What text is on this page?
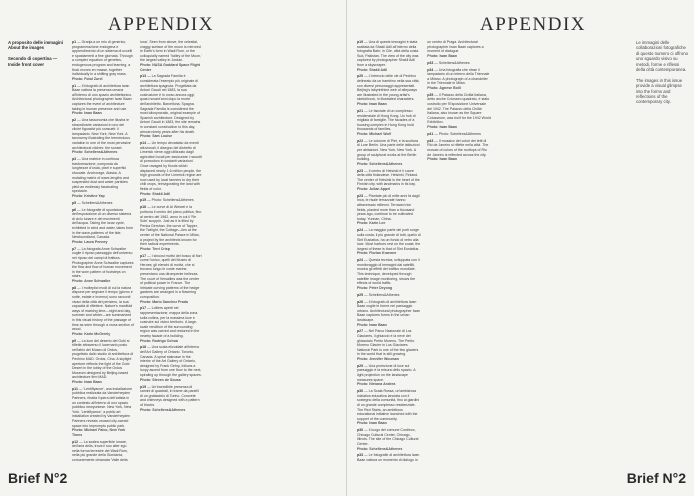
APPENDIX
A proposito delle immagini About the images

Secondo di copertina — Inside front cover

p1 — Granja a un mio di generico, programmazione endogena e apprendimento di un sistema di uccelli e spostamenti a fine giornata. Through a complex equation of genetics, endogenous program and learning, a flock moves en masse, together individually in a shifting gray mass.
Photo: Fotul Zurel

p1 — Il fotografo di architettura Iwan Baan cattura la presenza umana all'interno di uno spazio architettonico. Architectural photographer Iwan Baan captures the event of architecture taking in human presence and use.
Photo: Iwan Baan

p2 — Una tassonomia che illustra le straordinarie variazioni in uno dei cliché figurativi più consueti: il lampadario. New York, New York. A taxonomy illustrating the tremendous variation in one of the most pervasive architectural clichés: the sunset.
Photo: Schellens&Athenes

p3 — Una matrice in continua trasformazione, composta da lunghezze d'onda, pixel e superfici sfuocate. Anchorage, Alaska. A mutating matrix of wave-lengths and suspended dust and water particles yield an endlessly fascinating spectacle.
Photo: Kristine Yap

p5 — Schellens&Athenes

p6 — Le fotografie di spuntatura dell'esposizione di un diverso sistema di ciclo lunare e dei movimenti dell'acqua. Taking the lunar cycle, exhibited in wind and water, takes form in the wave-patterns of the tide. Newfoundland, Canada.
Photo: Laura Penney

p7 — La fotografa Anne Schwalbe coglie il riposo paesaggio dell'universo nel riposo dei campi di frattura. Photographer Anne Schwalbe captures the flow and flow of human movement in the worn pattern of footsteps on stairs.
Photo: Anne Schwalbe

p8 — I molteplici modi di cui la natura dispone per segnare il tempo (giorno e notte, estate e inverno) sono racconti vivaci della città del pensiero, la sua capacità di riflettere. Nature's manifold ways of marking time—night and day, summer and winter—are summarized in this visual history of the passage of time as seen through a cross section of wood.
Photo: Karin McGreely

p9 — La luce del deserto del Gobi si riflette attraverso il lucernario posto nell'atrio del Museo di Ordos, progettato dallo studio di architettura di Pechino MAD. Ordos, Cina. A skylight aperture reflects the light of the Gobi Desert in the lobby of the Ordos Museum designed by Beijing-based architecture firm MAD.
Photo: Iwan Baan

p11 — 'Lentiflyance', una installazione pubblica realizzata da Vanderheyden Partners, ribalta l'opera dell'artista in un contesto all'interno di uno spazio pubblico newyorkese. New York, New York. 'Lentiflyance,' a public art installation created by Vanderheyden Partners reveals unused city-owned space into impromptu public park.
Photo: Michael Falco, New York Times

p12 — La scalea superficie lunare, dell'aria della, trova il suo alter ego nella forma terrestre del Wadi Rum, nella più grande della Giordania, comunemente chiamata 'Valle della luna'. Seen from above, the celestial, craggy surface of the moon is mirrored in Earth's form in Wadi Rum, or the colloquially named 'Valley of the Moon,' the largest valley in Jordan.
Photo: NASA Goddard Space Flight Center

p13 — La Sagrada Família è considerata l'esempio più originale di architettura spagnola. Progettata da Antoni Gaudí nel 1883, la sua costruzione è in corso ancora oggi, quasi novant'anni dopo la morte dell'architetto. Barcellona, Spagna. Sagrada Família is considered the most idiosyncratic, original example of Spanish architecture. Designed by Antoni Gaudí in 1883, the site remains in constant construction to this day, almost ninety years after his death.
Photo: Sam Louise

p14 — Un tempo devastato da eventi alluvionali, il disegno del distretto di Limerick viene oggi utilizzato dagli agricoltori locali per assicurare i raccolti di pomodoro in costanti variazioni. Once ravaged by floods which displaced nearly 1.6 million people, the high grounds of the Limerick region are now used by local farmers to dry their chili crops, reinvigorating the land with fields of color.
Photo: Shakil Adil

p15 — Photo: Schellens&Athenes

p16 — Le curve di Ai Weiwei e la poltrona il centro del piano politica, fino al centro del 1962, anno in cui il 'Re Sole' scoppiò. Just as it is filled by Penka Gershan, the curve of Tapper, the Twilight, the Cottage—lies at the center of the National Palace in Milan, a project by the architects known for their radical experiments.
Photo: Terri Crisp

p17 — I sinuosi motivi del bosco di fiori come l'unico, quelli del Museo di Heroes; gli elenchi di motivi, che si trovano lungo le coste marine, presentano una dirompente bellezza. The court of Versailles was the center of political power in France. The intricate curving patterns of the hedge gardens are arranged in a flowering composition.
Photo: Mario Sanchez Prada

p17 — Lolliers aperti nel rappresentazione, mappa della zona sulla collina, per la massima luce e costruire sul vicino territorio. A large-scale rendition of the surrounding region was carved and restored in the nearby facade of a building.
Photo: Rodrigo Ochoa

p18 — Una scala elicoidale all'interno dell'Art Gallery of Ontario. Toronto, Canada. A spiral staircase in the interior of the Art Gallery of Ontario, designed by Frank Gehry, follows a loopy ascent from one floor to the next, spiraling up through the gallery spaces.
Photo: Steven de Sousa

p19 — Un'incredibile presenza di camini di quadrati, in trame da panelli di un grattacielo di Torino. Concrete and chimneys designed with a pattern of blocks.
Photo: Schellens&Athenes

Brief N°2
APPENDIX

p19 — Una di queste immagini è stata scattata da Shakil Adil all'interno della fotografia Bahr, in Cile, città della costa Sud, Pakistan. The view of the city was captured by photographer Shakil Adil from a skyscraper.
Photo: Shakil Adil

p20 — L'intreccio delle vie di Pechino delineato da un bambino nella sua città, con diversi personaggi rappresentati. Beijing's labyrinthine web of alleyways are illustrated in the young artist's sketchbook, in illustrated characters.
Photo: Iwan Baan

p21 — Le facciate di un complesso residenziale di Hong Kong. Un hub di migliaia di famiglie. The facades of a housing complex in Hong Kong hold thousands of families.
Photo: Michael Wolf

p22 — Le colonne di Piet, e la scultura di Lore Berlin. Una parte delle istituzioni per abitazioni. New York, New York. A group of sculptural works at the Berlin building.
Photo: Schellens&Athenes

p23 — Il centro di Helsinki è il cuore della città finlandese. Helsinki, Finland. The center of Helsinki is the heart of the Finnish city, with landmarks in its bay.
Photo: Julian Appel

p23 — Piantate più di mille anni fa dagli Inca, le risaie terrazzate hanno attraversato millenni. Terraced rice fields, planted more than a thousand years ago, continue to be cultivated today. Yunnan, China.
Photo: Karin Lee

p24 — La maggior parte dei porti sorge sulla costa; il più grande di tutti, quello di Sint Eustatius, ha un fondo di vetro alla luce. Most harbors rest on the coast; the largest of these is that of Sint Eustatius.
Photo: Florian Kraemer

p24 — Questa tecnica, sviluppata con il monitoraggio di immagini dai satelliti, mostra gli effetti del traffico mondiale. This technique, developed through satellite image monitoring, shows the effects of world traffic.
Photo: Peter Deyong

p25 — Schellens&Athenes

p26 — Il fotografo di architettura Iwan Baan coglie le forme nel paesaggio urbano. Architectural photographer Iwan Baan captures forms in the urban landscape.
Photo: Iwan Baan

p27 — Nel Parco Nazionale di Los Glaciares, il ghiaccio è la neve del ghiacciaio Perito Moreno. The Perito Moreno Glacier in Los Glaciares National Park is one of the few glaciers in the world that is still growing.
Photo: Jennifer Wouman

p29 — Una proiezione di luce sul paesaggio è la misura dello spazio. A light projection on the landscape measures space.
Photo: Nirvana Andrea

p30 — La Scala Rossa, un'ambiziosa iniziativa educativa lanciata con il sostegno della comunità, fino ai giardini di un grande complesso residenziale. The Red Stairs, an ambitious educational initiative launched with the support of the community.
Photo: Iwan Baan

p30 — Il luogo del comune Cordieux, Chicago Cultural Center, Chicago, Illinois. The site of the Chicago Cultural Center.
Photo: Schellens&Athenes

p33 — Le fotografie di architettura Iwan Baan cattura un momento di dialogo in un centro di Praga. Architectural photographer Iwan Baan captures a moment of dialogue.
Photo: Iwan Baan

p33 — Schellens&Athenes

p34 — Una fotografia che ritrae il lampadario di un interno della Triennale a Milano. A photograph of a chandelier in the Triennale in Milan.
Photo: Agnese Bolli

p35 — Il Palazzo della Civiltà Italiana, detto anche Colosseo quadrato, è stato costruito per l'Esposizione Universale del 1942. The Palazzo della Civiltà Italiana, also known as the Square Colosseum, was built for the 1942 World Exhibition.
Photo: Iwan Baan

p41 — Photo: Schellens&Athenes

p43 — Il mosaico dei colori dei tetti di Rio de Janeiro si riflette nella città. The mosaic of colors of the rooftops of Rio de Janeiro is reflected across the city.
Photo: Iwan Baan

Le immagini delle collaborazioni fotografiche di questo numero ci offrono uno sguardo visivo su metodi, forme e riflessi della città contemporanea.

The images in this issue provide a visual glimpse into the forms and reflections of the contemporary city.
Brief N°2
